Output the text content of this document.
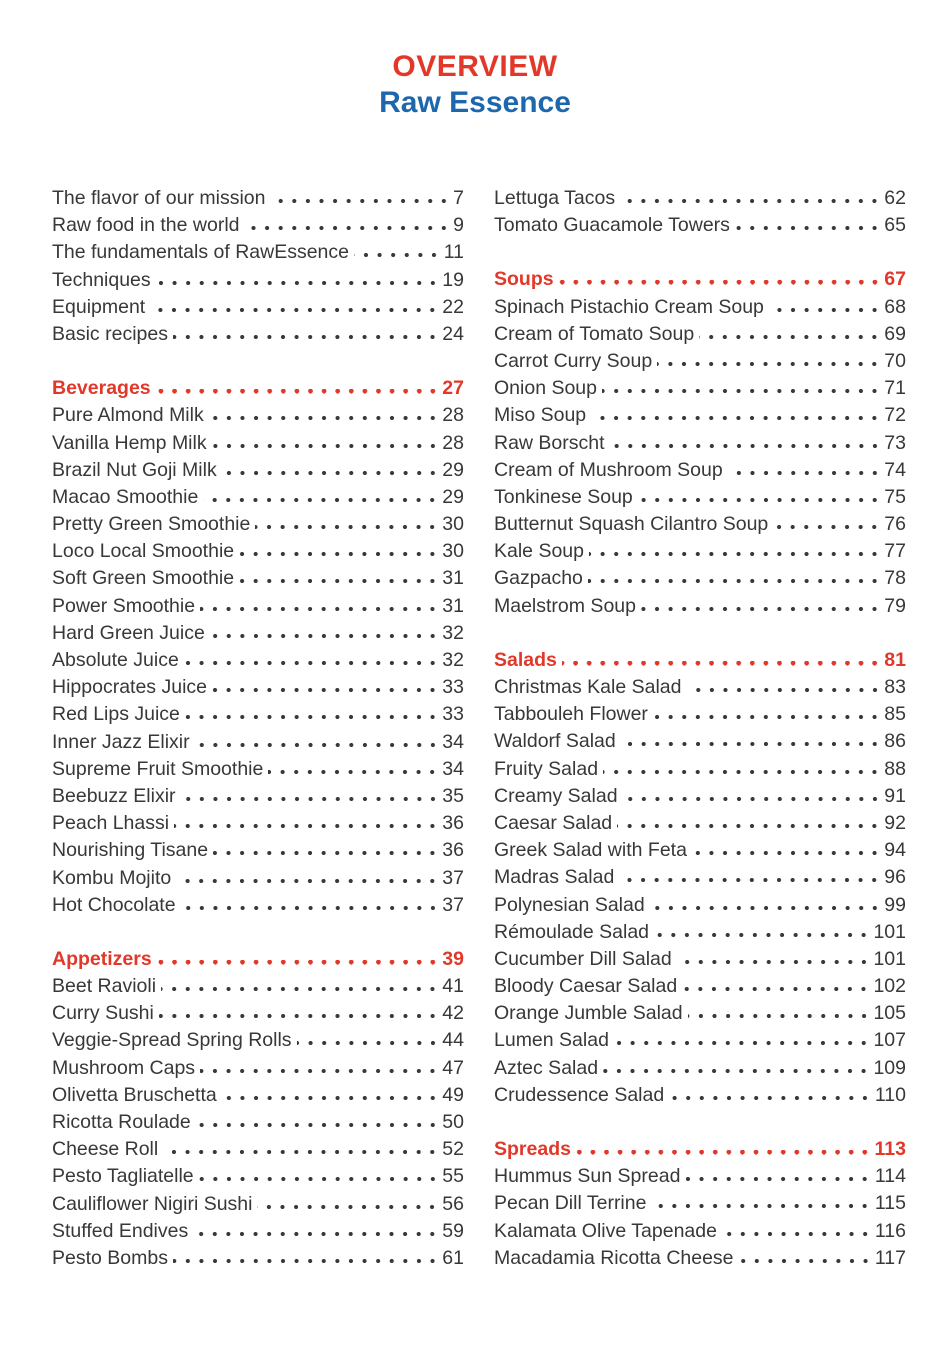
OVERVIEW
Raw Essence
The flavor of our mission	7
Raw food in the world	9
The fundamentals of RawEssence	11
Techniques	19
Equipment	22
Basic recipes	24
Beverages	27
Pure Almond Milk	28
Vanilla Hemp Milk	28
Brazil Nut Goji Milk	29
Macao Smoothie	29
Pretty Green Smoothie	30
Loco Local Smoothie	30
Soft Green Smoothie	31
Power Smoothie	31
Hard Green Juice	32
Absolute Juice	32
Hippocrates Juice	33
Red Lips Juice	33
Inner Jazz Elixir	34
Supreme Fruit Smoothie	34
Beebuzz Elixir	35
Peach Lhassi	36
Nourishing Tisane	36
Kombu Mojito	37
Hot Chocolate	37
Appetizers	39
Beet Ravioli	41
Curry Sushi	42
Veggie-Spread Spring Rolls	44
Mushroom Caps	47
Olivetta Bruschetta	49
Ricotta Roulade	50
Cheese Roll	52
Pesto Tagliatelle	55
Cauliflower Nigiri Sushi	56
Stuffed Endives	59
Pesto Bombs	61
Lettuga Tacos	62
Tomato Guacamole Towers	65
Soups	67
Spinach Pistachio Cream Soup	68
Cream of Tomato Soup	69
Carrot Curry Soup	70
Onion Soup	71
Miso Soup	72
Raw Borscht	73
Cream of Mushroom Soup	74
Tonkinese Soup	75
Butternut Squash Cilantro Soup	76
Kale Soup	77
Gazpacho	78
Maelstrom Soup	79
Salads	81
Christmas Kale Salad	83
Tabbouleh Flower	85
Waldorf Salad	86
Fruity Salad	88
Creamy Salad	91
Caesar Salad	92
Greek Salad with Feta	94
Madras Salad	96
Polynesian Salad	99
Rémoulade Salad	101
Cucumber Dill Salad	101
Bloody Caesar Salad	102
Orange Jumble Salad	105
Lumen Salad	107
Aztec Salad	109
Crudessence Salad	110
Spreads	113
Hummus Sun Spread	114
Pecan Dill Terrine	115
Kalamata Olive Tapenade	116
Macadamia Ricotta Cheese	117
